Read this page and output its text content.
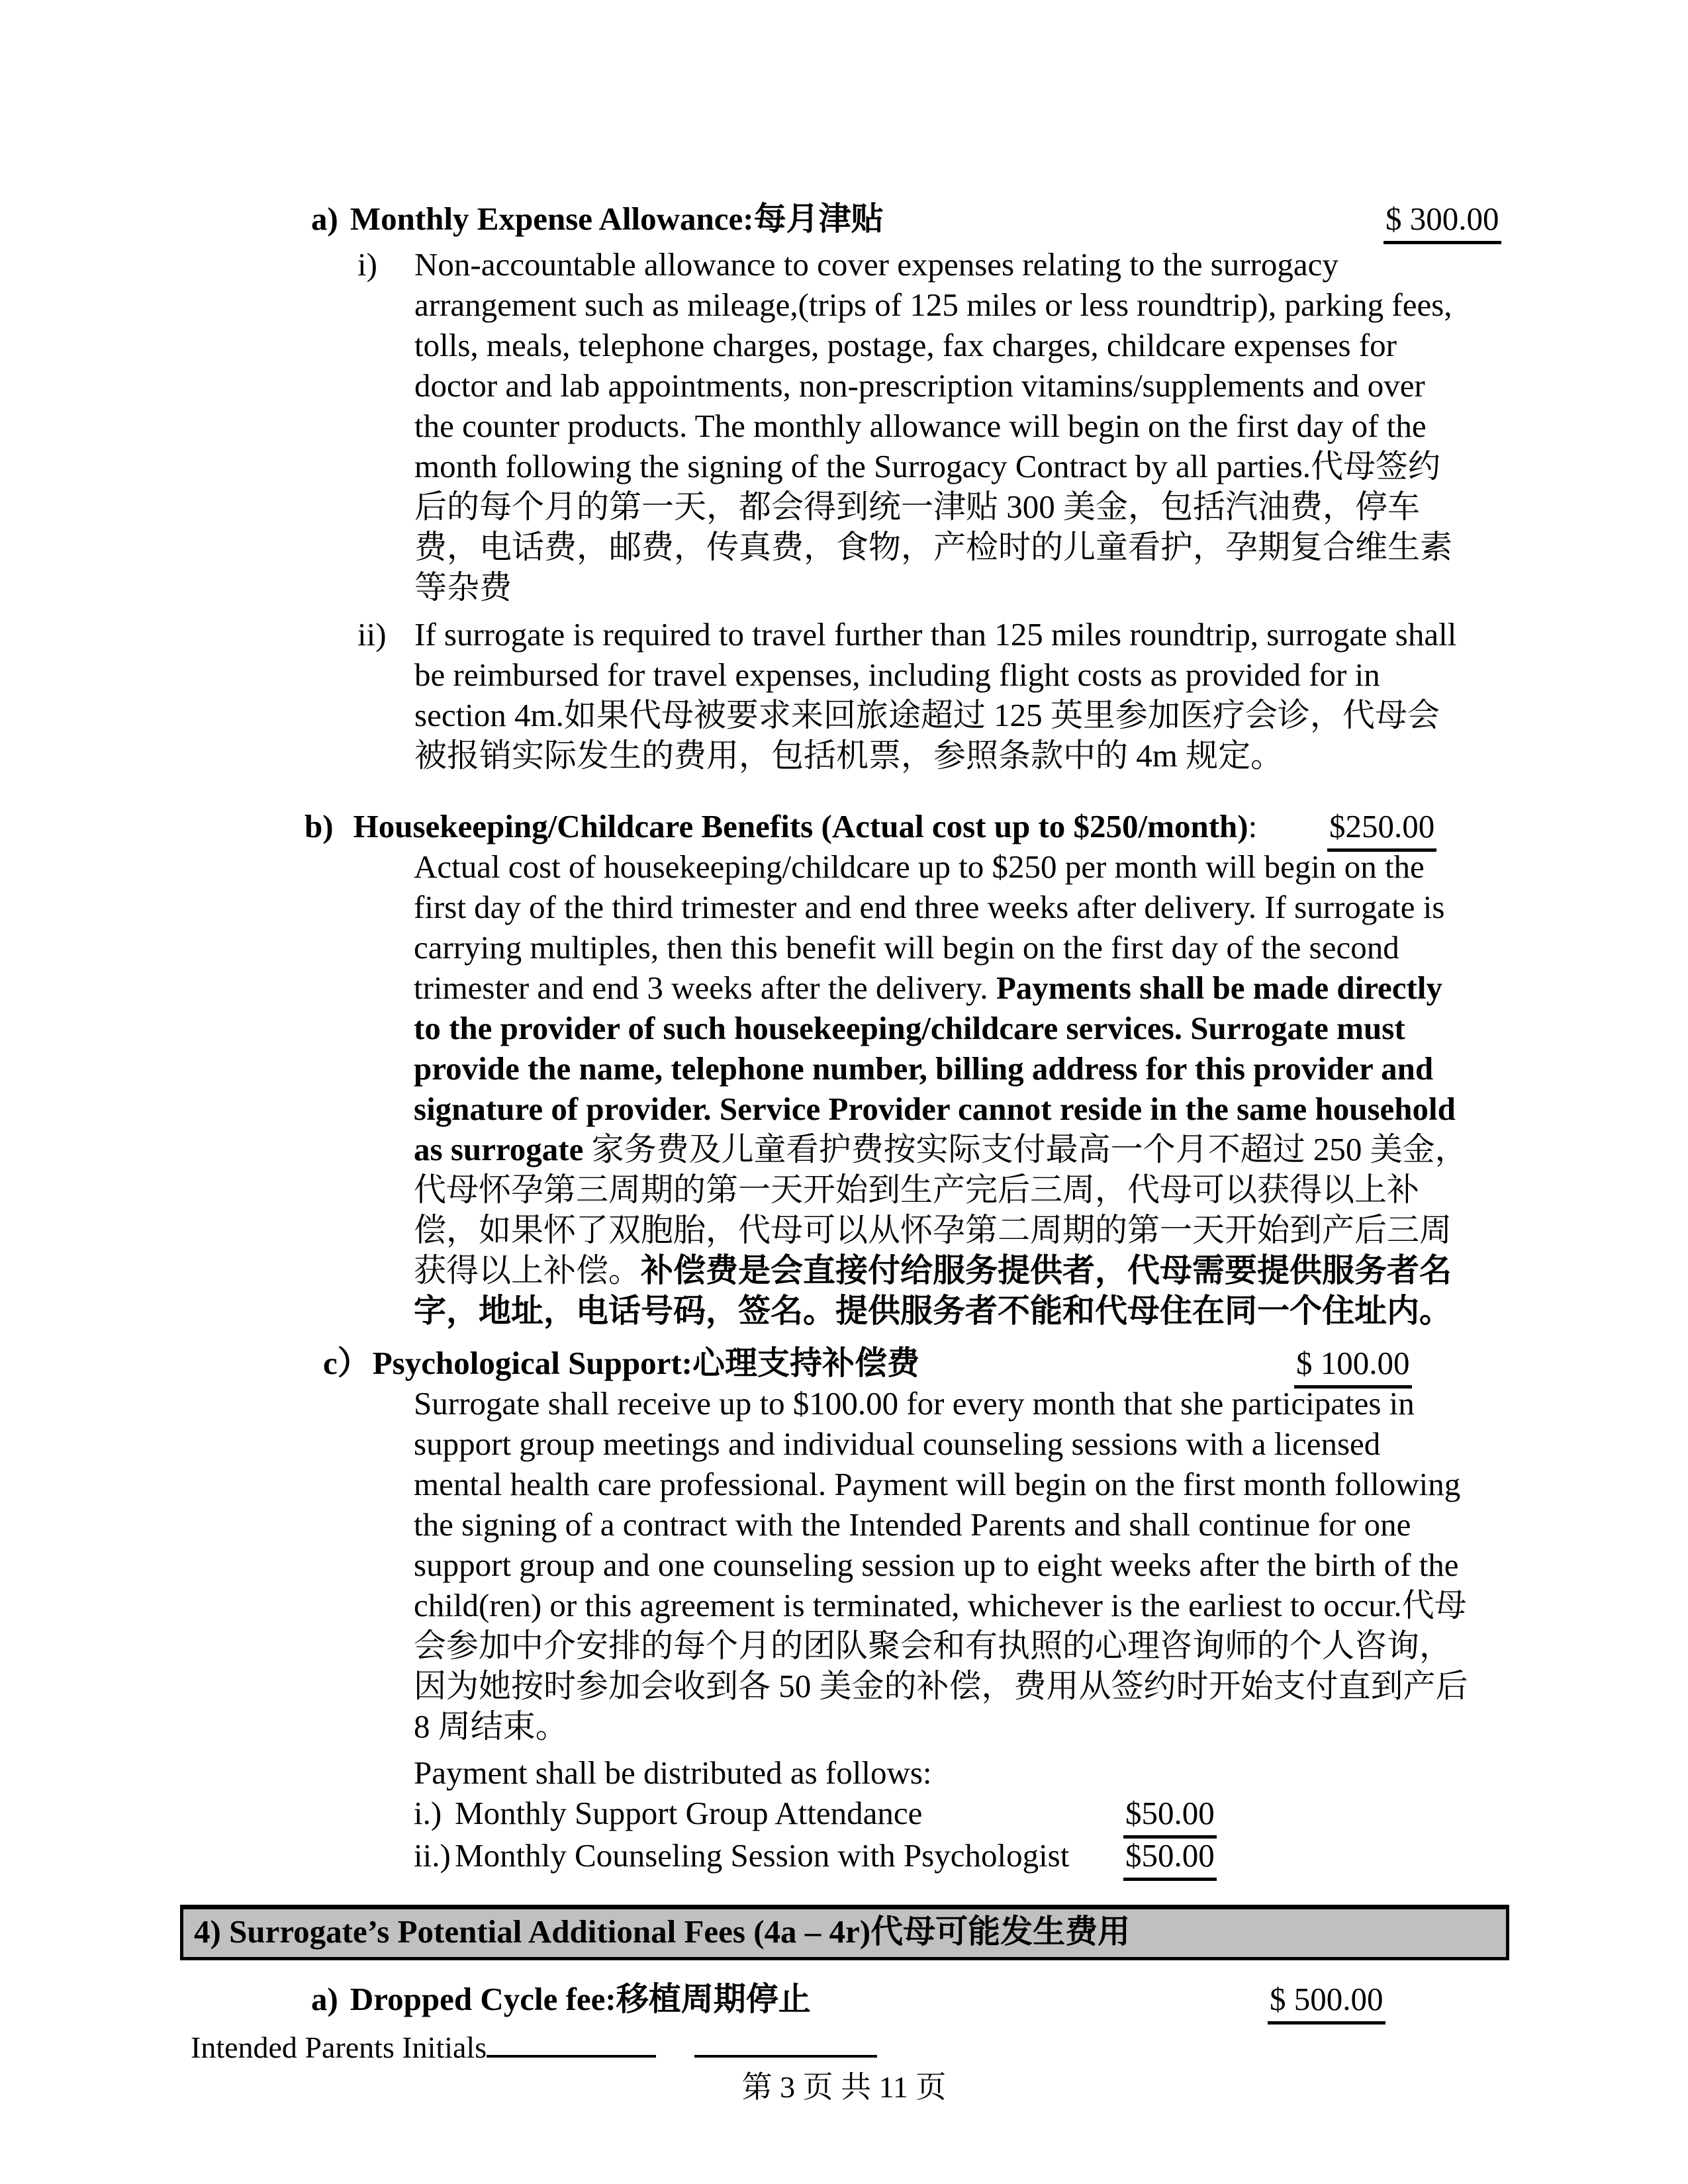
a) Monthly Expense Allowance:每月津贴	$ 300.00
i)	Non-accountable allowance to cover expenses relating to the surrogacy arrangement such as mileage,(trips of 125 miles or less roundtrip), parking fees, tolls, meals, telephone charges, postage, fax charges, childcare expenses for doctor and lab appointments, non-prescription vitamins/supplements and over the counter products. The monthly allowance will begin on the first day of the month following the signing of the Surrogacy Contract by all parties.代母签约后的每个月的第一天，都会得到统一津贴 300 美金，包括汽油费，停车费，电话费，邮费，传真费，食物，产检时的儿童看护，孕期复合维生素等杂费
ii) If surrogate is required to travel further than 125 miles roundtrip, surrogate shall be reimbursed for travel expenses, including flight costs as provided for in section 4m.如果代母被要求来回旅途超过 125 英里参加医疗会诊，代母会被报销实际发生的费用，包括机票，参照条款中的 4m 规定。
b) Housekeeping/Childcare Benefits (Actual cost up to $250/month): $250.00
Actual cost of housekeeping/childcare up to $250 per month will begin on the first day of the third trimester and end three weeks after delivery. If surrogate is carrying multiples, then this benefit will begin on the first day of the second trimester and end 3 weeks after the delivery. Payments shall be made directly to the provider of such housekeeping/childcare services. Surrogate must provide the name, telephone number, billing address for this provider and signature of provider. Service Provider cannot reside in the same household as surrogate 家务费及儿童看护费按实际支付最高一个月不超过 250 美金，代母怀孕第三周期的第一天开始到生产完后三周，代母可以获得以上补偿，如果怀了双胞胎，代母可以从怀孕第二周期的第一天开始到产后三周获得以上补偿。补偿费是会直接付给服务提供者，代母需要提供服务者名字，地址，电话号码，签名。提供服务者不能和代母住在同一个住址内。
c）Psychological Support:心理支持补偿费	$ 100.00
Surrogate shall receive up to $100.00 for every month that she participates in support group meetings and individual counseling sessions with a licensed mental health care professional. Payment will begin on the first month following the signing of a contract with the Intended Parents and shall continue for one support group and one counseling session up to eight weeks after the birth of the child(ren) or this agreement is terminated, whichever is the earliest to occur.代母会参加中介安排的每个月的团队聚会和有执照的心理咨询师的个人咨询，因为她按时参加会收到各 50 美金的补偿，费用从签约时开始支付直到产后 8 周结束。
Payment shall be distributed as follows:
i.) Monthly Support Group Attendance	$50.00
ii.) Monthly Counseling Session with Psychologist $50.00
4) Surrogate’s Potential Additional Fees (4a – 4r)代母可能发生费用
a) Dropped Cycle fee:移植周期停止	$ 500.00
Intended Parents Initials
第 3 页 共 11 页
